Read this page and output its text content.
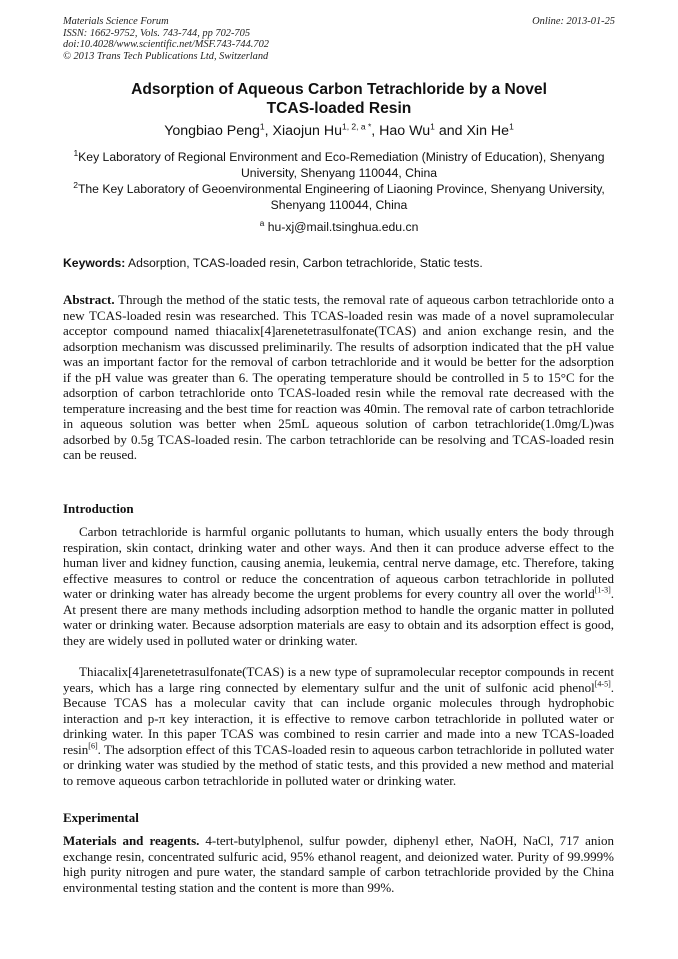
Materials Science Forum
ISSN: 1662-9752, Vols. 743-744, pp 702-705
doi:10.4028/www.scientific.net/MSF.743-744.702
© 2013 Trans Tech Publications Ltd, Switzerland
Online: 2013-01-25
Adsorption of Aqueous Carbon Tetrachloride by a Novel
TCAS-loaded Resin
Yongbiao Peng$^1$, Xiaojun $Hu^{1, 2, a *}$, Hao Wu$^1$ and Xin He$^1$
$^1$Key Laboratory of Regional Environment and Eco-Remediation (Ministry of Education), Shenyang University, Shenyang 110044, China
$^2$The Key Laboratory of Geoenvironmental Engineering of Liaoning Province, Shenyang University, Shenyang 110044, China
$^a$ hu-xj@mail.tsinghua.edu.cn
Keywords: Adsorption, TCAS-loaded resin, Carbon tetrachloride, Static tests.

Abstract. Through the method of the static tests, the removal rate of aqueous carbon tetrachloride onto a new TCAS-loaded resin was researched. This TCAS-loaded resin was made of a novel supramolecular acceptor compound named thiacalix[4]arenetetrasulfonate(TCAS) and anion exchange resin, and the adsorption mechanism was discussed preliminarily. The results of adsorption indicated that the pH value was an important factor for the removal of carbon tetrachloride and it would be better for the adsorption if the pH value was greater than 6. The operating temperature should be controlled in 5 to 15°C for the adsorption of carbon tetrachloride onto TCAS-loaded resin while the removal rate decreased with the temperature increasing and the best time for reaction was 40min. The removal rate of carbon tetrachloride in aqueous solution was better when 25mL aqueous solution of carbon tetrachloride(1.0mg/L)was adsorbed by 0.5g TCAS-loaded resin. The carbon tetrachloride can be resolving and TCAS-loaded resin can be reused.

Introduction

Carbon tetrachloride is harmful organic pollutants to human, which usually enters the body through respiration, skin contact, drinking water and other ways. And then it can produce adverse effect to the human liver and kidney function, causing anemia, leukemia, central nerve damage, etc. Therefore, taking effective measures to control or reduce the concentration of aqueous carbon tetrachloride in polluted water or drinking water has already become the urgent problems for every country all over the world[1-3]. At present there are many methods including adsorption method to handle the organic matter in polluted water or drinking water. Because adsorption materials are easy to obtain and its adsorption effect is good, they are widely used in polluted water or drinking water.

Thiacalix[4]arenetetrasulfonate(TCAS) is a new type of supramolecular receptor compounds in recent years, which has a large ring connected by elementary sulfur and the unit of sulfonic acid phenol[4-5]. Because TCAS has a molecular cavity that can include organic molecules through hydrophobic interaction and p-π key interaction, it is effective to remove carbon tetrachloride in polluted water or drinking water. In this paper TCAS was combined to resin carrier and made into a new TCAS-loaded resin[6]. The adsorption effect of this TCAS-loaded resin to aqueous carbon tetrachloride in polluted water or drinking water was studied by the method of static tests, and this provided a new method and material to remove aqueous carbon tetrachloride in polluted water or drinking water.

Experimental

Materials and reagents. 4-tert-butylphenol, sulfur powder, diphenyl ether, NaOH, NaCl, 717 anion exchange resin, concentrated sulfuric acid, 95% ethanol reagent, and deionized water. Purity of 99.999% high purity nitrogen and pure water, the standard sample of carbon tetrachloride provided by the China environmental testing station and the content is more than 99%.
